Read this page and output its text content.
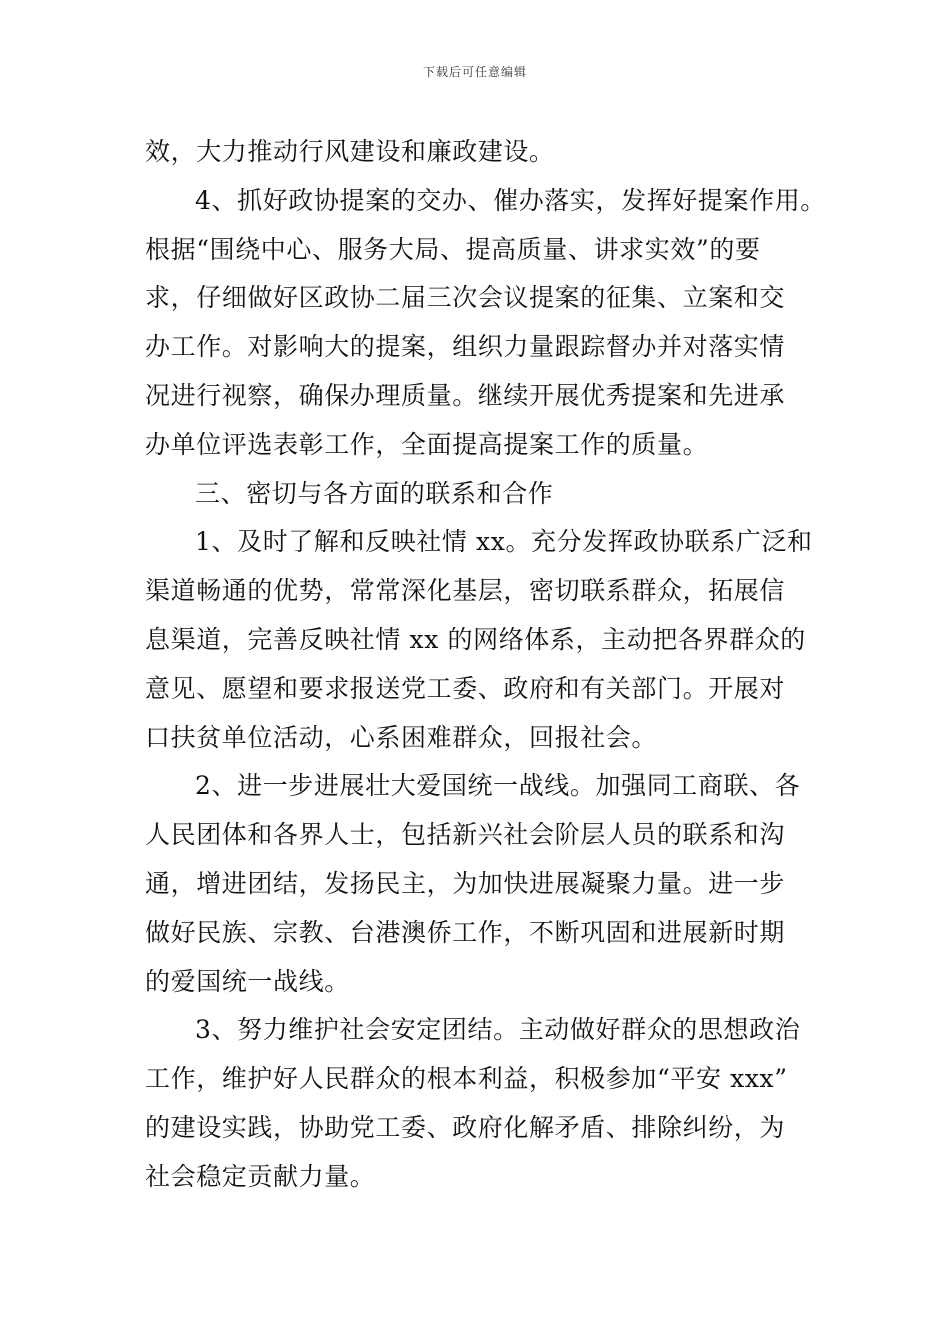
下载后可任意编辑
效，大力推动行风建设和廉政建设。
4、抓好政协提案的交办、催办落实，发挥好提案作用。
根据“围绕中心、服务大局、提高质量、讲求实效”的要
求，仔细做好区政协二届三次会议提案的征集、立案和交
办工作。对影响大的提案，组织力量跟踪督办并对落实情
况进行视察，确保办理质量。继续开展优秀提案和先进承
办单位评选表彰工作，全面提高提案工作的质量。
三、密切与各方面的联系和合作
1、及时了解和反映社情 xx。充分发挥政协联系广泛和
渠道畅通的优势，常常深化基层，密切联系群众，拓展信
息渠道，完善反映社情 xx 的网络体系，主动把各界群众的
意见、愿望和要求报送党工委、政府和有关部门。开展对
口扶贫单位活动，心系困难群众，回报社会。
2、进一步进展壮大爱国统一战线。加强同工商联、各
人民团体和各界人士，包括新兴社会阶层人员的联系和沟
通，增进团结，发扬民主，为加快进展凝聚力量。进一步
做好民族、宗教、台港澳侨工作，不断巩固和进展新时期
的爱国统一战线。
3、努力维护社会安定团结。主动做好群众的思想政治
工作，维护好人民群众的根本利益，积极参加“平安 xxx”
的建设实践，协助党工委、政府化解矛盾、排除纠纷，为
社会稳定贡献力量。
